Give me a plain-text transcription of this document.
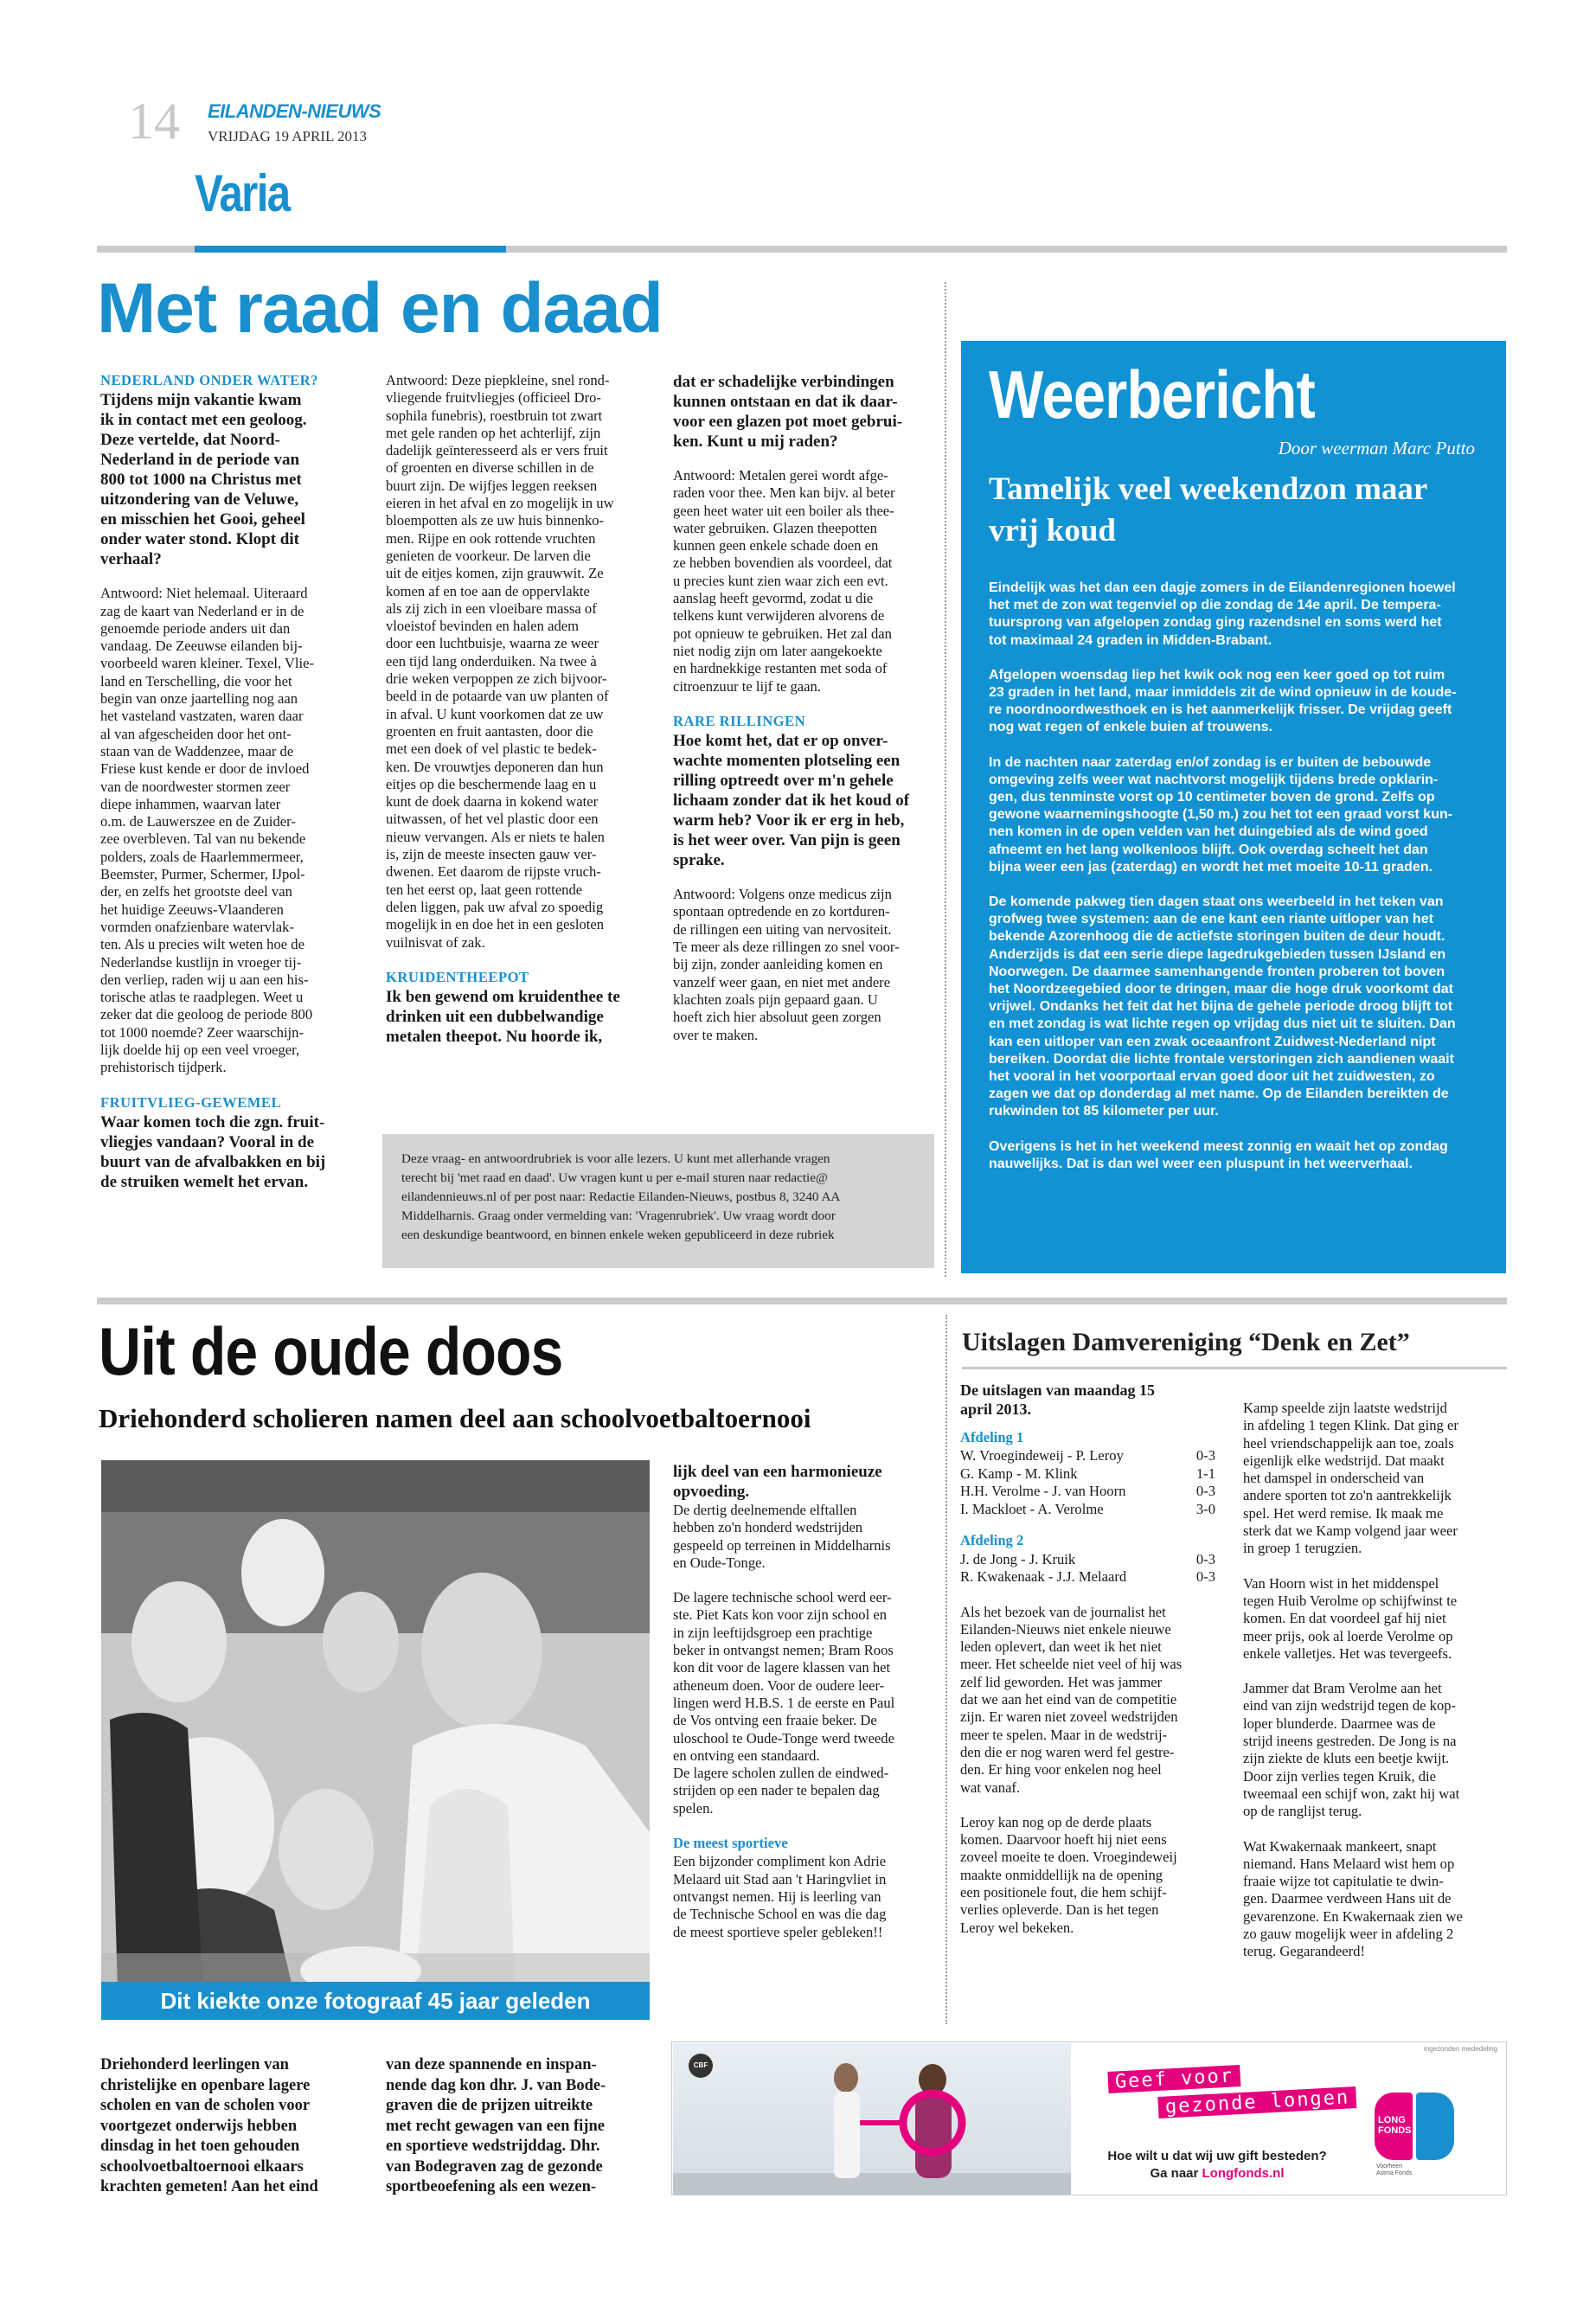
14 EILANDEN-NIEUWS
VRIJDAG 19 APRIL 2013
Varia
Met raad en daad
NEDERLAND ONDER WATER?
Tijdens mijn vakantie kwam
ik in contact met een geoloog.
Deze vertelde, dat Noord-
Nederland in de periode van
800 tot 1000 na Christus met
uitzondering van de Veluwe,
en misschien het Gooi, geheel
onder water stond. Klopt dit
verhaal?

Antwoord: Niet helemaal. Uiteraard
zag de kaart van Nederland er in de
genoemde periode anders uit dan
vandaag. De Zeeuwse eilanden bij-
voorbeeld waren kleiner. Texel, Vlie-
land en Terschelling, die voor het
begin van onze jaartelling nog aan
het vasteland vastzaten, waren daar
al van afgescheiden door het ont-
staan van de Waddenzee, maar de
Friese kust kende er door de invloed
van de noordwester stormen zeer
diepe inhammen, waarvan later
o.m. de Lauwerszee en de Zuider-
zee overbleven. Tal van nu bekende
polders, zoals de Haarlemmermeer,
Beemster, Purmer, Schermer, IJpol-
der, en zelfs het grootste deel van
het huidige Zeeuws-Vlaanderen
vormden onafzienbare watervlak-
ten. Als u precies wilt weten hoe de
Nederlandse kustlijn in vroeger tij-
den verliep, raden wij u aan een his-
torische atlas te raadplegen. Weet u
zeker dat die geoloog de periode 800
tot 1000 noemde? Zeer waarschijn-
lijk doelde hij op een veel vroeger,
prehistorisch tijdperk.

FRUITVLIEG-GEWEMEL
Waar komen toch die zgn. fruit-
vliegjes vandaan? Vooral in de
buurt van de afvalbakken en bij
de struiken wemelt het ervan.

Antwoord: Deze piepkleine, snel rond-
vliegende fruitvliegjes (officieel Dro-
sophila funebris), roestbruin tot zwart
met gele randen op het achterlijf, zijn
dadelijk geïnteresseerd als er vers fruit
of groenten en diverse schillen in de
buurt zijn. De wijfjes leggen reeksen
eieren in het afval en zo mogelijk in uw
bloempotten als ze uw huis binnenko-
men. Rijpe en ook rottende vruchten
genieten de voorkeur. De larven die
uit de eitjes komen, zijn grauwwit. Ze
komen af en toe aan de oppervlakte
als zij zich in een vloeibare massa of
vloeistof bevinden en halen adem
door een luchtbuisje, waarna ze weer
een tijd lang onderduiken. Na twee à
drie weken verpoppen ze zich bijvoor-
beeld in de potaarde van uw planten of
in afval. U kunt voorkomen dat ze uw
groenten en fruit aantasten, door die
met een doek of vel plastic te bedek-
ken. De vrouwtjes deponeren dan hun
eitjes op die beschermende laag en u
kunt de doek daarna in kokend water
uitwassen, of het vel plastic door een
nieuw vervangen. Als er niets te halen
is, zijn de meeste insecten gauw ver-
dwenen. Eet daarom de rijpste vruch-
ten het eerst op, laat geen rottende
delen liggen, pak uw afval zo spoedig
mogelijk in en doe het in een gesloten
vuilnisvat of zak.

KRUIDENTHEEPOT
Ik ben gewend om kruidenthee te
drinken uit een dubbelwandige
metalen theepot. Nu hoorde ik,
dat er schadelijke verbindingen
kunnen ontstaan en dat ik daar-
voor een glazen pot moet gebrui-
ken. Kunt u mij raden?

Antwoord: Metalen gerei wordt afge-
raden voor thee. Men kan bijv. al beter
geen heet water uit een boiler als thee-
water gebruiken. Glazen theepotten
kunnen geen enkele schade doen en
ze hebben bovendien als voordeel, dat
u precies kunt zien waar zich een evt.
aanslag heeft gevormd, zodat u die
telkens kunt verwijderen alvorens de
pot opnieuw te gebruiken. Het zal dan
niet nodig zijn om later aangekoekte
en hardnekkige restanten met soda of
citroenzuur te lijf te gaan.

RARE RILLINGEN
Hoe komt het, dat er op onver-
wachte momenten plotseling een
rilling optreedt over m'n gehele
lichaam zonder dat ik het koud of
warm heb? Voor ik er erg in heb,
is het weer over. Van pijn is geen
sprake.

Antwoord: Volgens onze medicus zijn
spontaan optredende en zo kortduren-
de rillingen een uiting van nervositeit.
Te meer als deze rillingen zo snel voor-
bij zijn, zonder aanleiding komen en
vanzelf weer gaan, en niet met andere
klachten zoals pijn gepaard gaan. U
hoeft zich hier absoluut geen zorgen
over te maken.

Deze vraag- en antwoordrubriek is voor alle lezers. U kunt met allerhande vragen
terecht bij 'met raad en daad'. Uw vragen kunt u per e-mail sturen naar redactie@
eilandennieuws.nl of per post naar: Redactie Eilanden-Nieuws, postbus 8, 3240 AA
Middelharnis. Graag onder vermelding van: 'Vragenrubriek'. Uw vraag wordt door
een deskundige beantwoord, en binnen enkele weken gepubliceerd in deze rubriek
Weerbericht
Door weerman Marc Putto
Tamelijk veel weekendzon maar
vrij koud

Eindelijk was het dan een dagje zomers in de Eilandenregionen hoewel
het met de zon wat tegenviel op die zondag de 14e april. De tempera-
tuursprong van afgelopen zondag ging razendsnel en soms werd het
tot maximaal 24 graden in Midden-Brabant.

Afgelopen woensdag liep het kwik ook nog een keer goed op tot ruim
23 graden in het land, maar inmiddels zit de wind opnieuw in de koude-
re noordnoordwesthoek en is het aanmerkelijk frisser. De vrijdag geeft
nog wat regen of enkele buien af trouwens.

In de nachten naar zaterdag en/of zondag is er buiten de bebouwde
omgeving zelfs weer wat nachtvorst mogelijk tijdens brede opklarin-
gen, dus tenminste vorst op 10 centimeter boven de grond. Zelfs op
gewone waarnemingshoogte (1,50 m.) zou het tot een graad vorst kun-
nen komen in de open velden van het duingebied als de wind goed
afneemt en het lang wolkenloos blijft. Ook overdag scheelt het dan
bijna weer een jas (zaterdag) en wordt het met moeite 10-11 graden.

De komende pakweg tien dagen staat ons weerbeeld in het teken van
grofweg twee systemen: aan de ene kant een riante uitloper van het
bekende Azorenhoog die de actiefste storingen buiten de deur houdt.
Anderzijds is dat een serie diepe lagedrukgebieden tussen IJsland en
Noorwegen. De daarmee samenhangende fronten proberen tot boven
het Noordzeegebied door te dringen, maar die hoge druk voorkomt dat
vrijwel. Ondanks het feit dat het bijna de gehele periode droog blijft tot
en met zondag is wat lichte regen op vrijdag dus niet uit te sluiten. Dan
kan een uitloper van een zwak oceaanfront Zuidwest-Nederland nipt
bereiken. Doordat die lichte frontale verstoringen zich aandienen waait
het vooral in het voorportaal ervan goed door uit het zuidwesten, zo
zagen we dat op donderdag al met name. Op de Eilanden bereikten de
rukwinden tot 85 kilometer per uur.

Overigens is het in het weekend meest zonnig en waait het op zondag
nauwelijks. Dat is dan wel weer een pluspunt in het weerverhaal.

Uit de oude doos
Driehonderd scholieren namen deel aan schoolvoetbaltoernooi
Dit kiekte onze fotograaf 45 jaar geleden
lijk deel van een harmonieuze
opvoeding.

De dertig deelnemende elftallen
hebben zo'n honderd wedstrijden
gespeeld op terreinen in Middelharnis
en Oude-Tonge.

De lagere technische school werd eer-
ste. Piet Kats kon voor zijn school en
in zijn leeftijdsgroep een prachtige
beker in ontvangst nemen; Bram Roos
kon dit voor de lagere klassen van het
atheneum doen. Voor de oudere leer-
lingen werd H.B.S. 1 de eerste en Paul
de Vos ontving een fraaie beker. De
uloschool te Oude-Tonge werd tweede
en ontving een standaard.
De lagere scholen zullen de eindwed-
strijden op een nader te bepalen dag
spelen.

De meest sportieve

Een bijzonder compliment kon Adrie
Melaard uit Stad aan 't Haringvliet in
ontvangst nemen. Hij is leerling van
de Technische School en was die dag
de meest sportieve speler gebleken!!

Driehonderd leerlingen van
christelijke en openbare lagere
scholen en van de scholen voor
voortgezet onderwijs hebben
dinsdag in het toen gehouden
schoolvoetbaltoernooi elkaars
krachten gemeten! Aan het eind
van deze spannende en inspan-
nende dag kon dhr. J. van Bode-
graven die de prijzen uitreikte
met recht gewagen van een fijne
en sportieve wedstrijddag. Dhr.
van Bodegraven zag de gezonde
sportbeoefening als een wezen-
Uitslagen Damvereniging “Denk en Zet”
De uitslagen van maandag 15
april 2013.
Afdeling 1
W. Vroegindeweij - P. Leroy	0-3
G. Kamp - M. Klink	1-1
H.H. Verolme - J. van Hoorn	0-3
I. Mackloet - A. Verolme	3-0
Afdeling 2
J. de Jong - J. Kruik	0-3
R. Kwakenaak - J.J. Melaard	0-3

Als het bezoek van de journalist het
Eilanden-Nieuws niet enkele nieuwe
leden oplevert, dan weet ik het niet
meer. Het scheelde niet veel of hij was
zelf lid geworden. Het was jammer
dat we aan het eind van de competitie
zijn. Er waren niet zoveel wedstrijden
meer te spelen. Maar in de wedstrij-
den die er nog waren werd fel gestre-
den. Er hing voor enkelen nog heel
wat vanaf.

Leroy kan nog op de derde plaats
komen. Daarvoor hoeft hij niet eens
zoveel moeite te doen. Vroegindeweij
maakte onmiddellijk na de opening
een positionele fout, die hem schijf-
verlies opleverde. Dan is het tegen
Leroy wel bekeken.

Kamp speelde zijn laatste wedstrijd
in afdeling 1 tegen Klink. Dat ging er
heel vriendschappelijk aan toe, zoals
eigenlijk elke wedstrijd. Dat maakt
het damspel in onderscheid van
andere sporten tot zo'n aantrekkelijk
spel. Het werd remise. Ik maak me
sterk dat we Kamp volgend jaar weer
in groep 1 terugzien.

Van Hoorn wist in het middenspel
tegen Huib Verolme op schijfwinst te
komen. En dat voordeel gaf hij niet
meer prijs, ook al loerde Verolme op
enkele valletjes. Het was tevergeefs.

Jammer dat Bram Verolme aan het
eind van zijn wedstrijd tegen de kop-
loper blunderde. Daarmee was de
strijd ineens gestreden. De Jong is na
zijn ziekte de kluts een beetje kwijt.
Door zijn verlies tegen Kruik, die
tweemaal een schijf won, zakt hij wat
op de ranglijst terug.

Wat Kwakernaak mankeert, snapt
niemand. Hans Melaard wist hem op
fraaie wijze tot capitulatie te dwin-
gen. Daarmee verdween Hans uit de
gevarenzone. En Kwakernaak zien we
zo gauw mogelijk weer in afdeling 2
terug. Gegarandeerd!

ingezonden mededeling
CBF	Geef voor
gezonde longen
Hoe wilt u dat wij uw gift besteden?
Ga naar Longfonds.nl
LONG
FONDS
Voorheen
Astma Fonds
